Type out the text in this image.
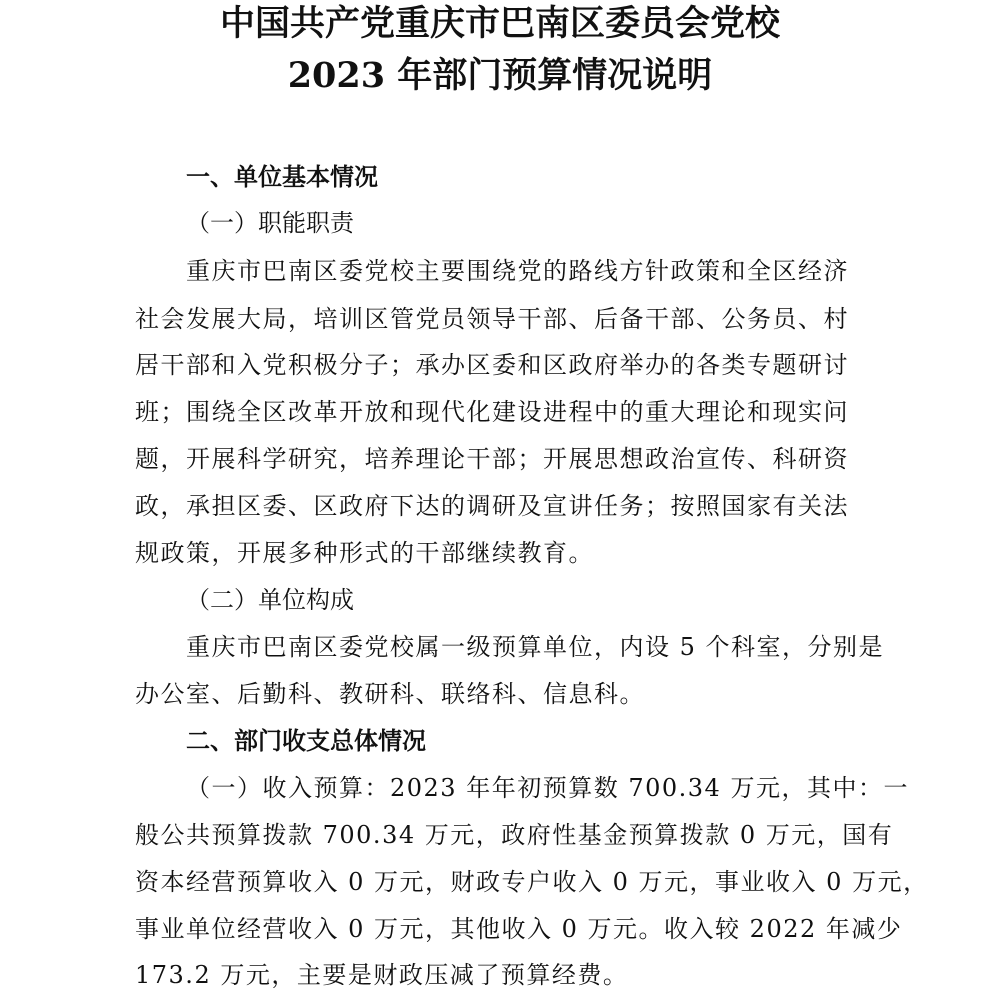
中国共产党重庆市巴南区委员会党校
2023 年部门预算情况说明
一、单位基本情况
（一）职能职责
重庆市巴南区委党校主要围绕党的路线方针政策和全区经济
社会发展大局，培训区管党员领导干部、后备干部、公务员、村
居干部和入党积极分子；承办区委和区政府举办的各类专题研讨
班；围绕全区改革开放和现代化建设进程中的重大理论和现实问
题，开展科学研究，培养理论干部；开展思想政治宣传、科研资
政，承担区委、区政府下达的调研及宣讲任务；按照国家有关法
规政策，开展多种形式的干部继续教育。
（二）单位构成
重庆市巴南区委党校属一级预算单位，内设 5 个科室，分别是
办公室、后勤科、教研科、联络科、信息科。
二、部门收支总体情况
（一）收入预算：2023 年年初预算数 700.34 万元，其中：一
般公共预算拨款 700.34 万元，政府性基金预算拨款 0 万元，国有
资本经营预算收入 0 万元，财政专户收入 0 万元，事业收入 0 万元，
事业单位经营收入 0 万元，其他收入 0 万元。收入较 2022 年减少
173.2 万元，主要是财政压减了预算经费。
